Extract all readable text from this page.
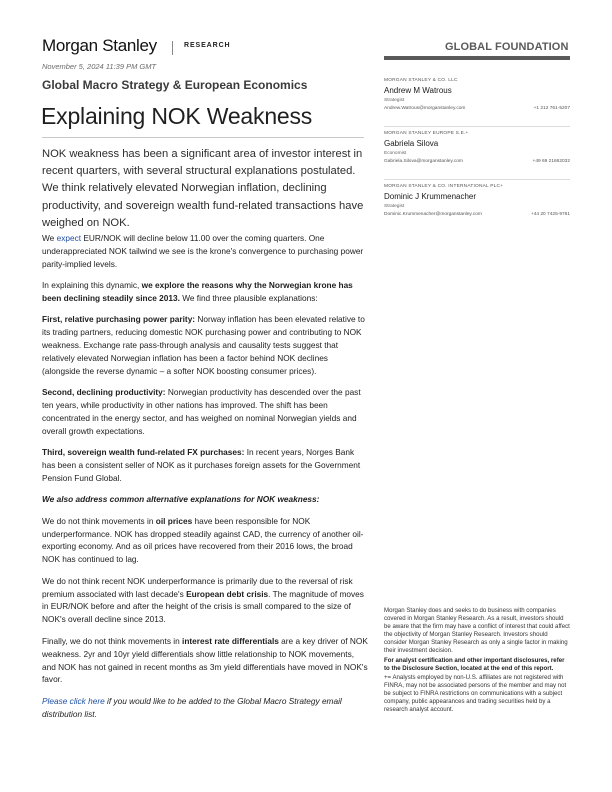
Morgan Stanley	RESEARCH	GLOBAL FOUNDATION
November 5, 2024 11:39 PM GMT
Global Macro Strategy & European Economics
Explaining NOK Weakness
NOK weakness has been a significant area of investor interest in recent quarters, with several structural explanations postulated. We think relatively elevated Norwegian inflation, declining productivity, and sovereign wealth fund-related transactions have weighed on NOK.

We expect EUR/NOK will decline below 11.00 over the coming quarters. One underappreciated NOK tailwind we see is the krone's convergence to purchasing power parity-implied levels.

In explaining this dynamic, we explore the reasons why the Norwegian krone has been declining steadily since 2013. We find three plausible explanations:

First, relative purchasing power parity: Norway inflation has been elevated relative to its trading partners, reducing domestic NOK purchasing power and contributing to NOK weakness. Exchange rate pass-through analysis and causality tests suggest that relatively elevated Norwegian inflation has been a factor behind NOK declines (alongside the reverse dynamic – a softer NOK boosting consumer prices).

Second, declining productivity: Norwegian productivity has descended over the past ten years, while productivity in other nations has improved. The shift has been concentrated in the energy sector, and has weighed on nominal Norwegian yields and overall growth expectations.

Third, sovereign wealth fund-related FX purchases: In recent years, Norges Bank has been a consistent seller of NOK as it purchases foreign assets for the Government Pension Fund Global.

We also address common alternative explanations for NOK weakness:

We do not think movements in oil prices have been responsible for NOK underperformance. NOK has dropped steadily against CAD, the currency of another oil-exporting economy. And as oil prices have recovered from their 2016 lows, the broad NOK has continued to lag.

We do not think recent NOK underperformance is primarily due to the reversal of risk premium associated with last decade's European debt crisis. The magnitude of moves in EUR/NOK before and after the height of the crisis is small compared to the size of NOK's overall decline since 2013.

Finally, we do not think movements in interest rate differentials are a key driver of NOK weakness. 2yr and 10yr yield differentials show little relationship to NOK movements, and NOK has not gained in recent months as 3m yield differentials have moved in NOK's favor.

Please click here if you would like to be added to the Global Macro Strategy email distribution list.

MORGAN STANLEY & CO. LLC
Andrew M Watrous
Strategist
Andrew.Watrous@morganstanley.com	+1 212 761-5207
MORGAN STANLEY EUROPE S.E.+
Gabriela Silova
Economist
Gabriela.Silova@morganstanley.com	+49 69 21662032
MORGAN STANLEY & CO. INTERNATIONAL PLC+
Dominic J Krummenacher
Strategist
Dominic.Krummenacher@morganstanley.com	+44 20 7425-9761

Morgan Stanley does and seeks to do business with companies covered in Morgan Stanley Research. As a result, investors should be aware that the firm may have a conflict of interest that could affect the objectivity of Morgan Stanley Research. Investors should consider Morgan Stanley Research as only a single factor in making their investment decision.

For analyst certification and other important disclosures, refer to the Disclosure Section, located at the end of this report.

+= Analysts employed by non-U.S. affiliates are not registered with FINRA, may not be associated persons of the member and may not be subject to FINRA restrictions on communications with a subject company, public appearances and trading securities held by a research analyst account.
